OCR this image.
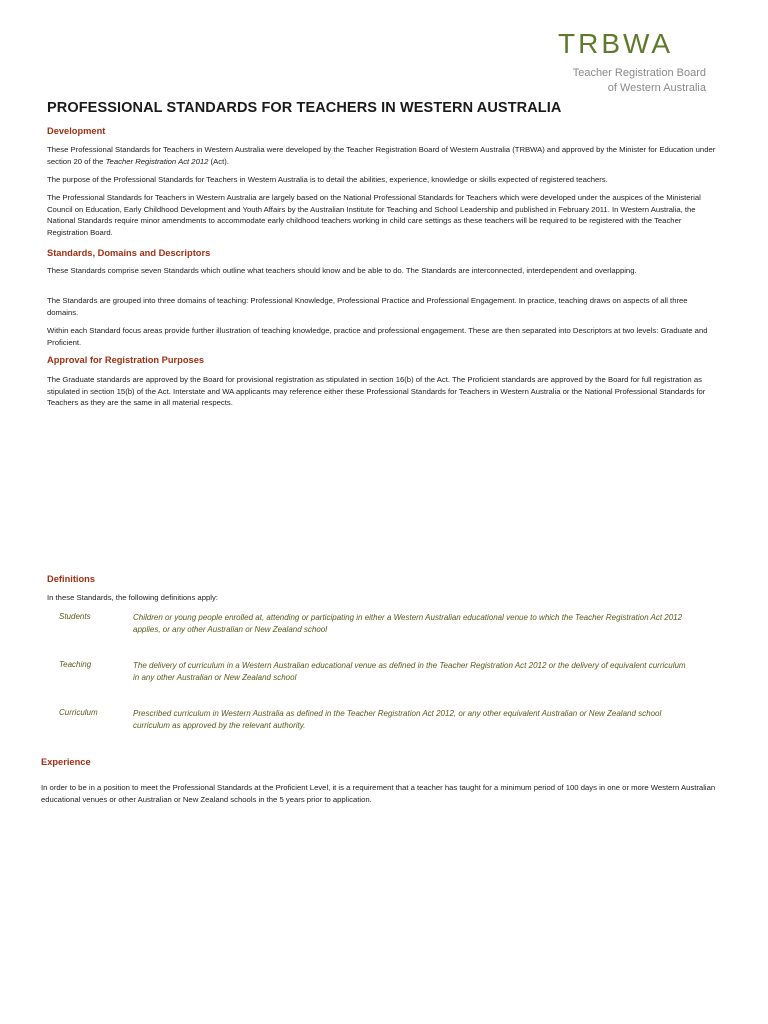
TRBWA
Teacher Registration Board
of Western Australia
PROFESSIONAL STANDARDS FOR TEACHERS IN WESTERN AUSTRALIA
Development

These Professional Standards for Teachers in Western Australia were developed by the Teacher Registration Board of Western Australia (TRBWA) and approved by the Minister for Education under section 20 of the Teacher Registration Act 2012 (Act).

The purpose of the Professional Standards for Teachers in Western Australia is to detail the abilities, experience, knowledge or skills expected of registered teachers.

The Professional Standards for Teachers in Western Australia are largely based on the National Professional Standards for Teachers which were developed under the auspices of the Ministerial Council on Education, Early Childhood Development and Youth Affairs by the Australian Institute for Teaching and School Leadership and published in February 2011. In Western Australia, the National Standards require minor amendments to accommodate early childhood teachers working in child care settings as these teachers will be required to be registered with the Teacher Registration Board.

Standards, Domains and Descriptors

These Standards comprise seven Standards which outline what teachers should know and be able to do. The Standards are interconnected, interdependent and overlapping.

The Standards are grouped into three domains of teaching: Professional Knowledge, Professional Practice and Professional Engagement. In practice, teaching draws on aspects of all three domains.

Within each Standard focus areas provide further illustration of teaching knowledge, practice and professional engagement. These are then separated into Descriptors at two levels: Graduate and Proficient.

Approval for Registration Purposes

The Graduate standards are approved by the Board for provisional registration as stipulated in section 16(b) of the Act. The Proficient standards are approved by the Board for full registration as stipulated in section 15(b) of the Act. Interstate and WA applicants may reference either these Professional Standards for Teachers in Western Australia or the National Professional Standards for Teachers as they are the same in all material respects.

Definitions

In these Standards, the following definitions apply:

Students	Children or young people enrolled at, attending or participating in either a Western Australian educational venue to which the Teacher Registration Act 2012 applies, or any other Australian or New Zealand school
Teaching	The delivery of curriculum in a Western Australian educational venue as defined in the Teacher Registration Act 2012 or the delivery of equivalent curriculum in any other Australian or New Zealand school
Curriculum	Prescribed curriculum in Western Australia as defined in the Teacher Registration Act 2012, or any other equivalent Australian or New Zealand school curriculum as approved by the relevant authority.
Experience

In order to be in a position to meet the Professional Standards at the Proficient Level, it is a requirement that a teacher has taught for a minimum period of 100 days in one or more Western Australian educational venues or other Australian or New Zealand schools in the 5 years prior to application.
